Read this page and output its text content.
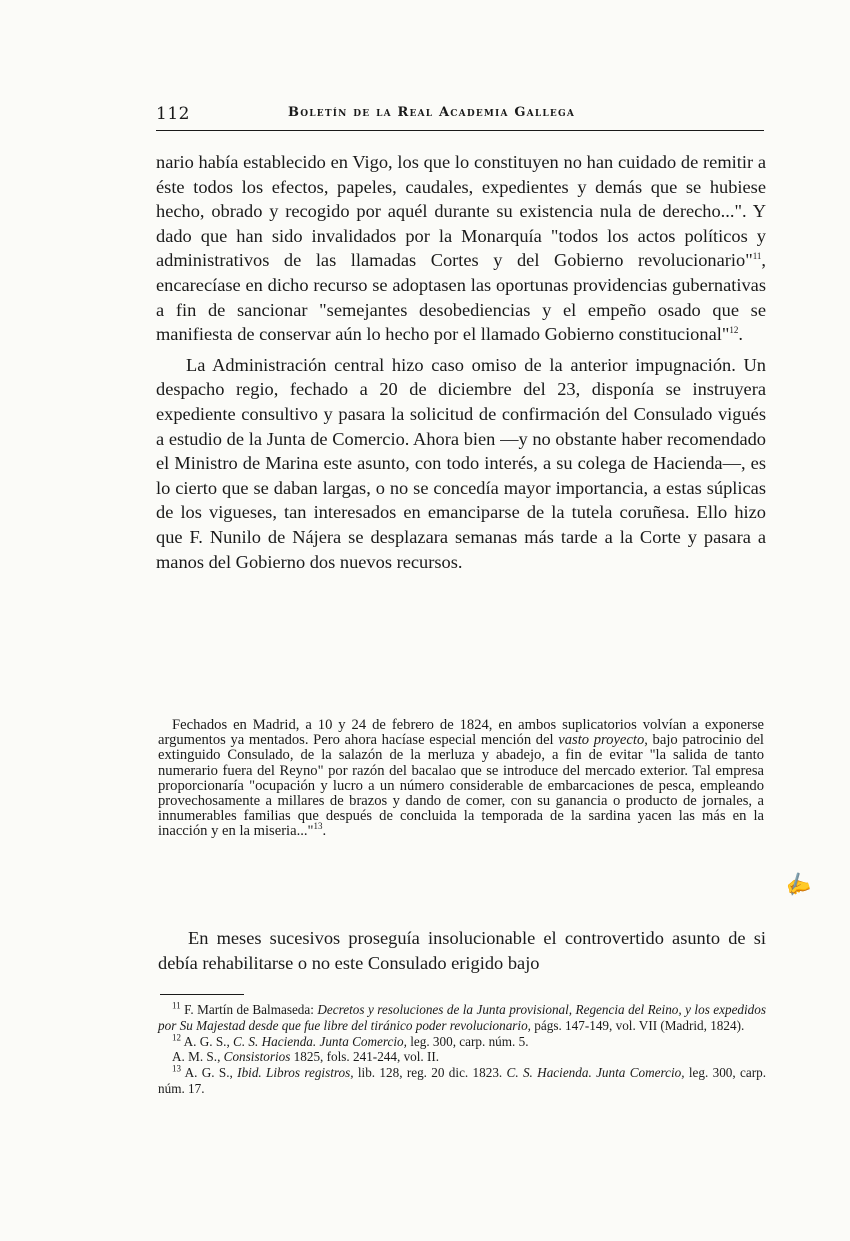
112	Boletín de la Real Academia Gallega

nario había establecido en Vigo, los que lo constituyen no han cuidado de remitir a éste todos los efectos, papeles, caudales, expedientes y demás que se hubiese hecho, obrado y recogido por aquél durante su existencia nula de derecho...". Y dado que han sido invalidados por la Monarquía "todos los actos políticos y administrativos de las llamadas Cortes y del Gobierno revolucionario"$^{11}$, encarecíase en dicho recurso se adoptasen las oportunas providencias gubernativas a fin de sancionar "semejantes desobediencias y el empeño osado que se manifiesta de conservar aún lo hecho por el llamado Gobierno constitucional"$^{12}$.

La Administración central hizo caso omiso de la anterior impugnación. Un despacho regio, fechado a 20 de diciembre del 23, disponía se instruyera expediente consultivo y pasara la solicitud de confirmación del Consulado vigués a estudio de la Junta de Comercio. Ahora bien —y no obstante haber recomendado el Ministro de Marina este asunto, con todo interés, a su colega de Hacienda—, es lo cierto que se daban largas, o no se concedía mayor importancia, a estas súplicas de los vigueses, tan interesados en emanciparse de la tutela coruñesa. Ello hizo que F. Nunilo de Nájera se desplazara semanas más tarde a la Corte y pasara a manos del Gobierno dos nuevos recursos.

Fechados en Madrid, a 10 y 24 de febrero de 1824, en ambos suplicatorios volvían a exponerse argumentos ya mentados. Pero ahora hacíase especial mención del vasto proyecto, bajo patrocinio del extinguido Consulado, de la salazón de la merluza y abadejo, a fin de evitar "la salida de tanto numerario fuera del Reyno" por razón del bacalao que se introduce del mercado exterior. Tal empresa proporcionaría "ocupación y lucro a un número considerable de embarcaciones de pesca, empleando provechosamente a millares de brazos y dando de comer, con su ganancia o producto de jornales, a innumerables familias que después de concluida la temporada de la sardina yacen las más en la inacción y en la miseria..."$^{13}$.
✍
En meses sucesivos proseguía insolucionable el controvertido asunto de si debía rehabilitarse o no este Consulado erigido bajo

$^{11}$ F. Martín de Balmaseda: Decretos y resoluciones de la Junta provisional, Regencia del Reino, y los expedidos por Su Majestad desde que fue libre del tiránico poder revolucionario, págs. 147-149, vol. VII (Madrid, 1824).

$^{12}$ A. G. S., C. S. Hacienda. Junta Comercio, leg. 300, carp. núm. 5.

A. M. S., Consistorios 1825, fols. 241-244, vol. II.

$^{13}$ A. G. S., Ibid. Libros registros, lib. 128, reg. 20 dic. 1823. C. S. Hacienda. Junta Comercio, leg. 300, carp. núm. 17.
